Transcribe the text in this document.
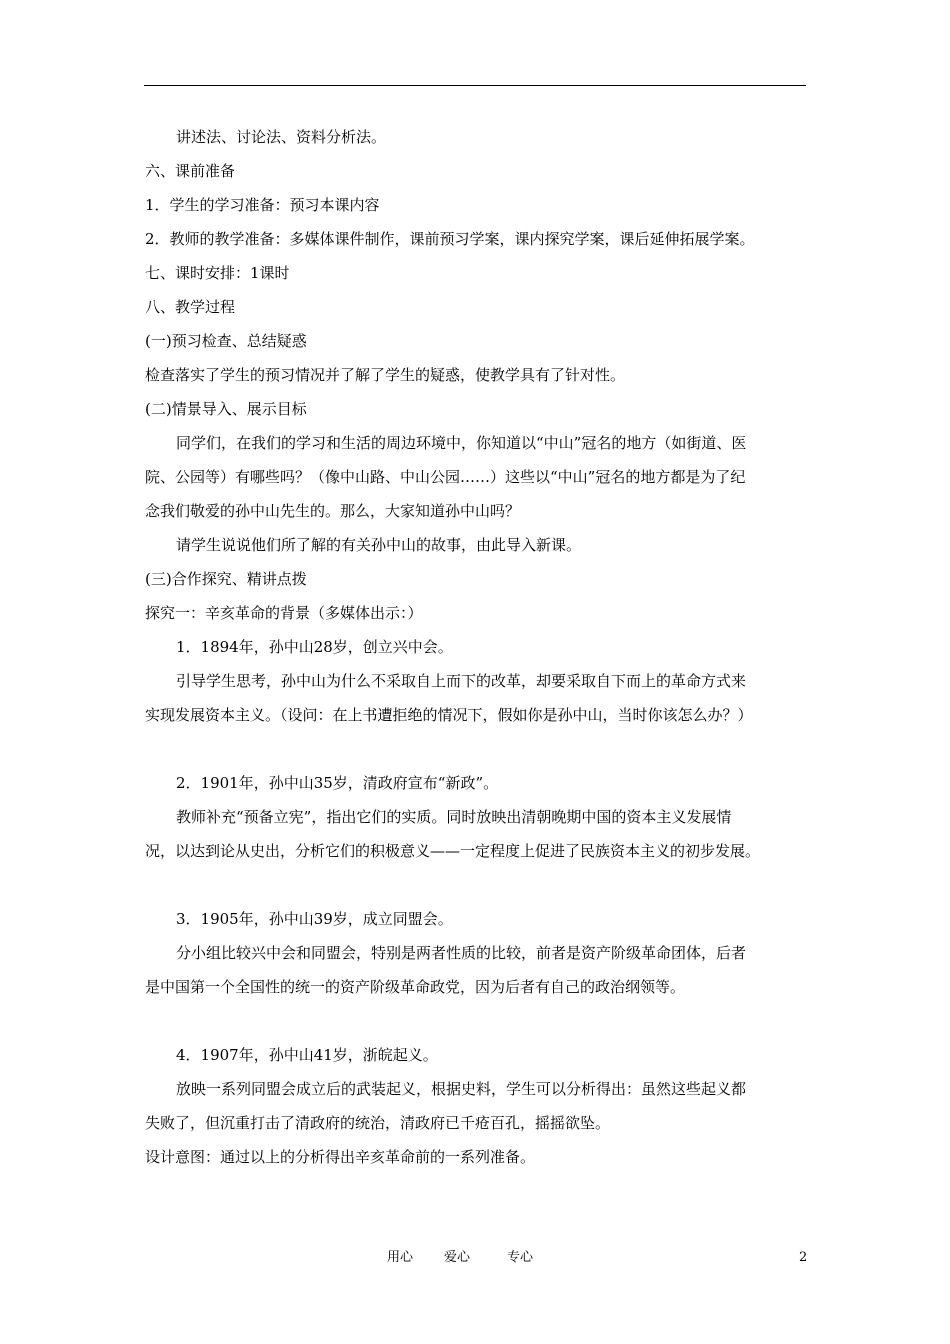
讲述法、讨论法、资料分析法。
六、课前准备
1．学生的学习准备：预习本课内容
2．教师的教学准备：多媒体课件制作，课前预习学案，课内探究学案，课后延伸拓展学案。
七、课时安排：1课时
八、教学过程
(一)预习检查、总结疑惑
检查落实了学生的预习情况并了解了学生的疑惑，使教学具有了针对性。
(二)情景导入、展示目标
同学们，在我们的学习和生活的周边环境中，你知道以“中山”冠名的地方（如街道、医
院、公园等）有哪些吗？（像中山路、中山公园……）这些以“中山”冠名的地方都是为了纪
念我们敬爱的孙中山先生的。那么，大家知道孙中山吗？
请学生说说他们所了解的有关孙中山的故事，由此导入新课。
(三)合作探究、精讲点拨
探究一：辛亥革命的背景（多媒体出示：）
1．1894年，孙中山28岁，创立兴中会。
引导学生思考，孙中山为什么不采取自上而下的改革，却要采取自下而上的革命方式来
实现发展资本主义。（设问：在上书遭拒绝的情况下，假如你是孙中山，当时你该怎么办？）
2．1901年，孙中山35岁，清政府宣布“新政”。
教师补充“预备立宪”，指出它们的实质。同时放映出清朝晚期中国的资本主义发展情
况，以达到论从史出，分析它们的积极意义——一定程度上促进了民族资本主义的初步发展。
3．1905年，孙中山39岁，成立同盟会。
分小组比较兴中会和同盟会，特别是两者性质的比较，前者是资产阶级革命团体，后者
是中国第一个全国性的统一的资产阶级革命政党，因为后者有自己的政治纲领等。
4．1907年，孙中山41岁，浙皖起义。
放映一系列同盟会成立后的武装起义，根据史料，学生可以分析得出：虽然这些起义都
失败了，但沉重打击了清政府的统治，清政府已千疮百孔，摇摇欲坠。
设计意图：通过以上的分析得出辛亥革命前的一系列准备。
用心 爱心	专心	2
